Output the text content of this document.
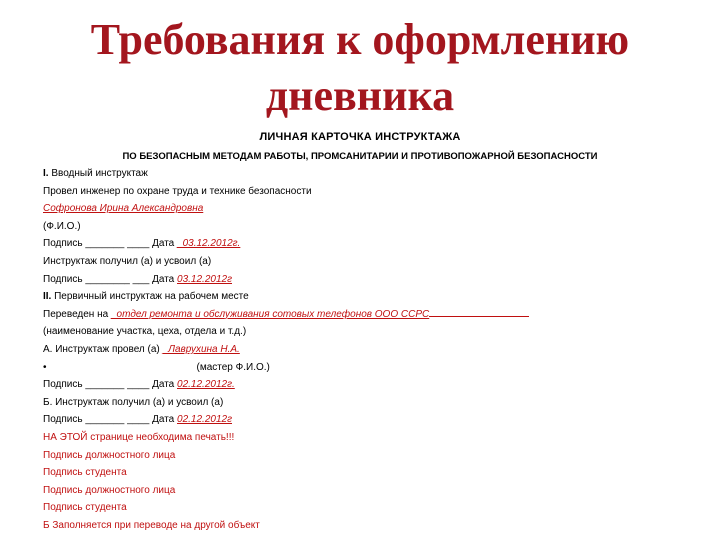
Требования к оформлению
дневника
ЛИЧНАЯ КАРТОЧКА ИНСТРУКТАЖА
ПО БЕЗОПАСНЫМ МЕТОДАМ РАБОТЫ, ПРОМСАНИТАРИИ И ПРОТИВОПОЖАРНОЙ БЕЗОПАСНОСТИ
I. Вводный инструктаж
Провел инженер по охране труда и технике безопасности
Софронова Ирина Александровна
(Ф.И.О.)
Подпись _______ ____ Дата _03.12.2012г.
Инструктаж получил (а) и усвоил (а)
Подпись ________ ___ Дата 03.12.2012г
II. Первичный инструктаж на рабочем месте
Переведен на _отдел ремонта и обслуживания сотовых телефонов ООО ССРС
(наименование участка, цеха, отдела и т.д.)
А. Инструктаж провел (а) _Лаврухина Н.А.
•	(мастер Ф.И.О.)
Подпись _______ ____ Дата 02.12.2012г.
Б. Инструктаж получил (а) и усвоил (а)
Подпись _______ ____ Дата 02.12.2012г
НА ЭТОЙ странице необходима печать!!!
Подпись должностного лица
Подпись студента
Подпись должностного лица
Подпись студента
Б Заполняется при переводе на другой объект
